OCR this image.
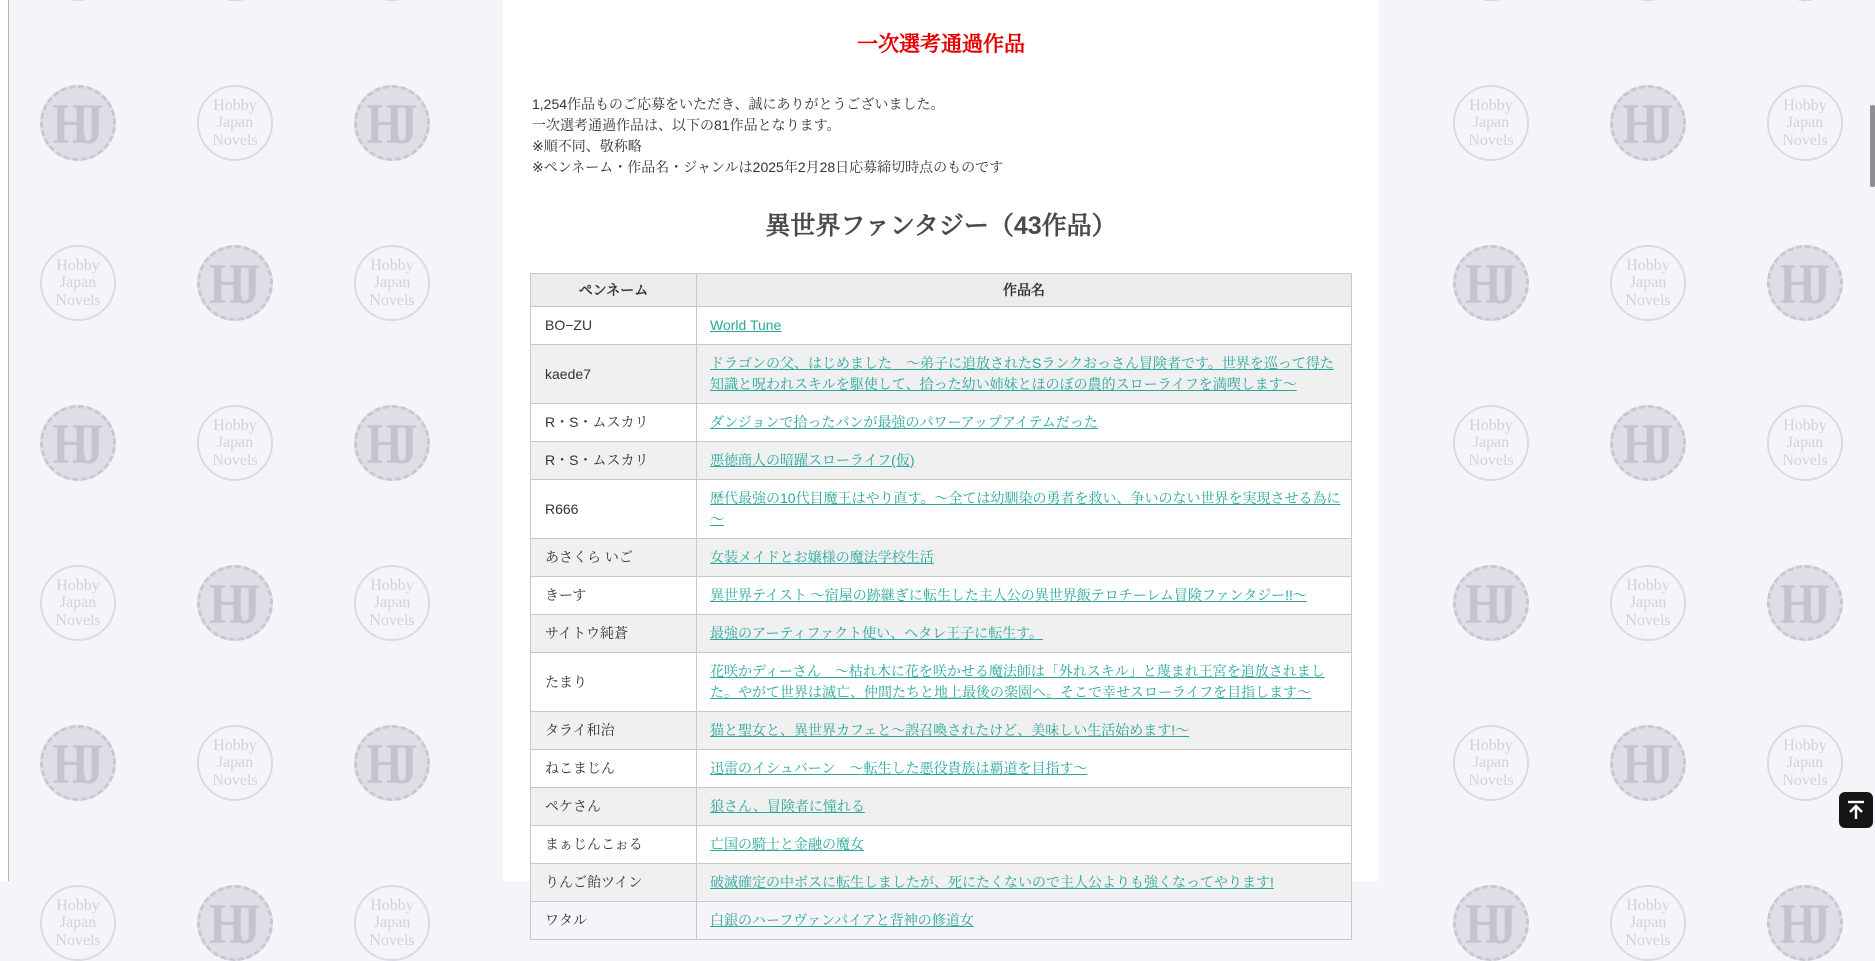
HJ	Hobby
Japan
Novels HJ	Hobby
Japan
Novels HJ	Hobby
Japan
Novels
Hobby
Japan
Novels HJ	Hobby
Japan
Novels	HJ	Hobby
Japan
Novels HJ
HJ	Hobby
Japan
Novels HJ	Hobby
Japan
Novels HJ	Hobby
Japan
Novels
Hobby
Japan
Novels HJ	Hobby
Japan
Novels	HJ	Hobby
Japan
Novels HJ
HJ	Hobby
Japan
Novels HJ	Hobby
Japan
Novels HJ	Hobby
Japan
Novels
Hobby
Japan
Novels HJ	Hobby
Japan
Novels	HJ	Hobby
Japan
Novels HJ
一次選考通過作品
1,254作品ものご応募をいただき、誠にありがとうございました。
一次選考通過作品は、以下の81作品となります。
※順不同、敬称略
※ペンネーム・作品名・ジャンルは2025年2月28日応募締切時点のものです
異世界ファンタジー（43作品）
ペンネーム	作品名
BO−ZU	World Tune
kaede7	ドラゴンの父、はじめました　～弟子に追放されたSランクおっさん冒険者です。世界を巡って得た知識と呪われスキルを駆使して、拾った幼い姉妹とほのぼの農的スローライフを満喫します～
R・S・ムスカリ	ダンジョンで拾ったパンが最強のパワーアップアイテムだった
R・S・ムスカリ	悪徳商人の暗躍スローライフ(仮)
R666	歴代最強の10代目魔王はやり直す。～全ては幼馴染の勇者を救い、争いのない世界を実現させる為に～
あさくら いご	女装メイドとお嬢様の魔法学校生活
きーす	異世界テイスト ～宿屋の跡継ぎに転生した主人公の異世界飯テロチーレム冒険ファンタジー!!～
サイトウ純蒼	最強のアーティファクト使い、ヘタレ王子に転生す。
たまり	花咲かディーさん　～枯れ木に花を咲かせる魔法師は「外れスキル」と蔑まれ王宮を追放されました。やがて世界は滅亡、仲間たちと地上最後の楽園へ。そこで幸せスローライフを目指します～
タライ和治	猫と聖女と、異世界カフェと～誤召喚されたけど、美味しい生活始めます!～
ねこまじん	迅雷のイシュバーン　～転生した悪役貴族は覇道を目指す～
ペケさん	狼さん、冒険者に憧れる
まぁじんこぉる	亡国の騎士と金融の魔女
りんご飴ツイン	破滅確定の中ボスに転生しましたが、死にたくないので主人公よりも強くなってやります!
ワタル	白銀のハーフヴァンパイアと背神の修道女
